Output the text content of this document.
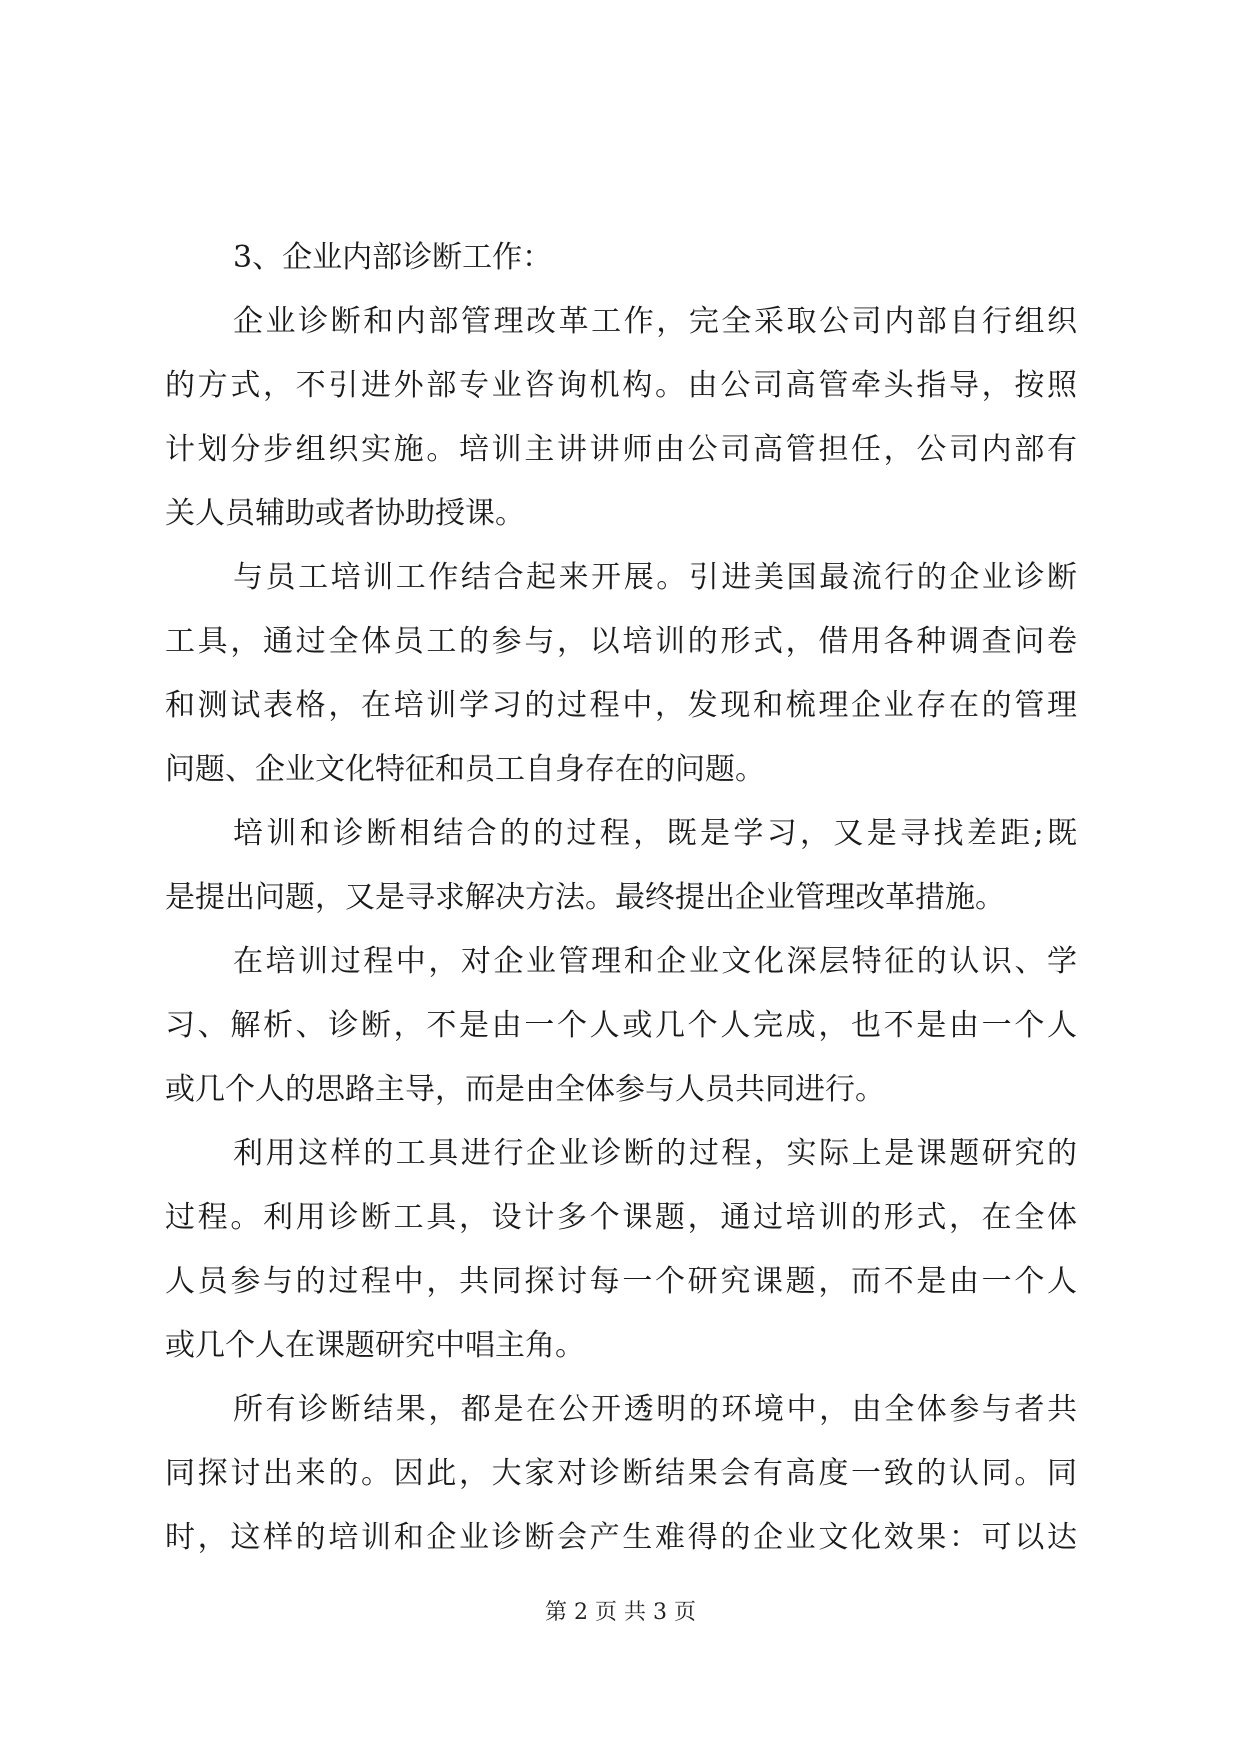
3、企业内部诊断工作：
企业诊断和内部管理改革工作，完全采取公司内部自行组织
的方式，不引进外部专业咨询机构。由公司高管牵头指导，按照
计划分步组织实施。培训主讲讲师由公司高管担任，公司内部有
关人员辅助或者协助授课。
与员工培训工作结合起来开展。引进美国最流行的企业诊断
工具，通过全体员工的参与，以培训的形式，借用各种调查问卷
和测试表格，在培训学习的过程中，发现和梳理企业存在的管理
问题、企业文化特征和员工自身存在的问题。
培训和诊断相结合的的过程，既是学习，又是寻找差距;既
是提出问题，又是寻求解决方法。最终提出企业管理改革措施。
在培训过程中，对企业管理和企业文化深层特征的认识、学
习、解析、诊断，不是由一个人或几个人完成，也不是由一个人
或几个人的思路主导，而是由全体参与人员共同进行。
利用这样的工具进行企业诊断的过程，实际上是课题研究的
过程。利用诊断工具，设计多个课题，通过培训的形式，在全体
人员参与的过程中，共同探讨每一个研究课题，而不是由一个人
或几个人在课题研究中唱主角。
所有诊断结果，都是在公开透明的环境中，由全体参与者共
同探讨出来的。因此，大家对诊断结果会有高度一致的认同。同
时，这样的培训和企业诊断会产生难得的企业文化效果：可以达
第 2 页 共 3 页
